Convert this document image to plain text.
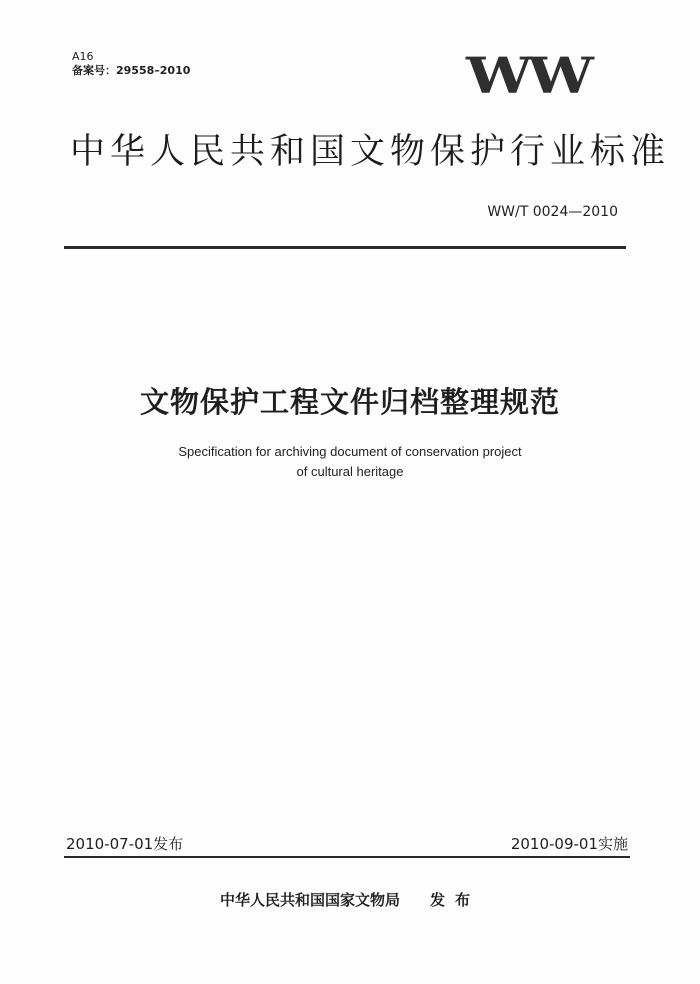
A16
备案号：29558–2010	WW
中华人民共和国文物保护行业标准
WW/T 0024—2010
文物保护工程文件归档整理规范
Specification for archiving document of conservation project
of cultural heritage
2010-07-01发布	2010-09-01实施
中华人民共和国国家文物局 发布
